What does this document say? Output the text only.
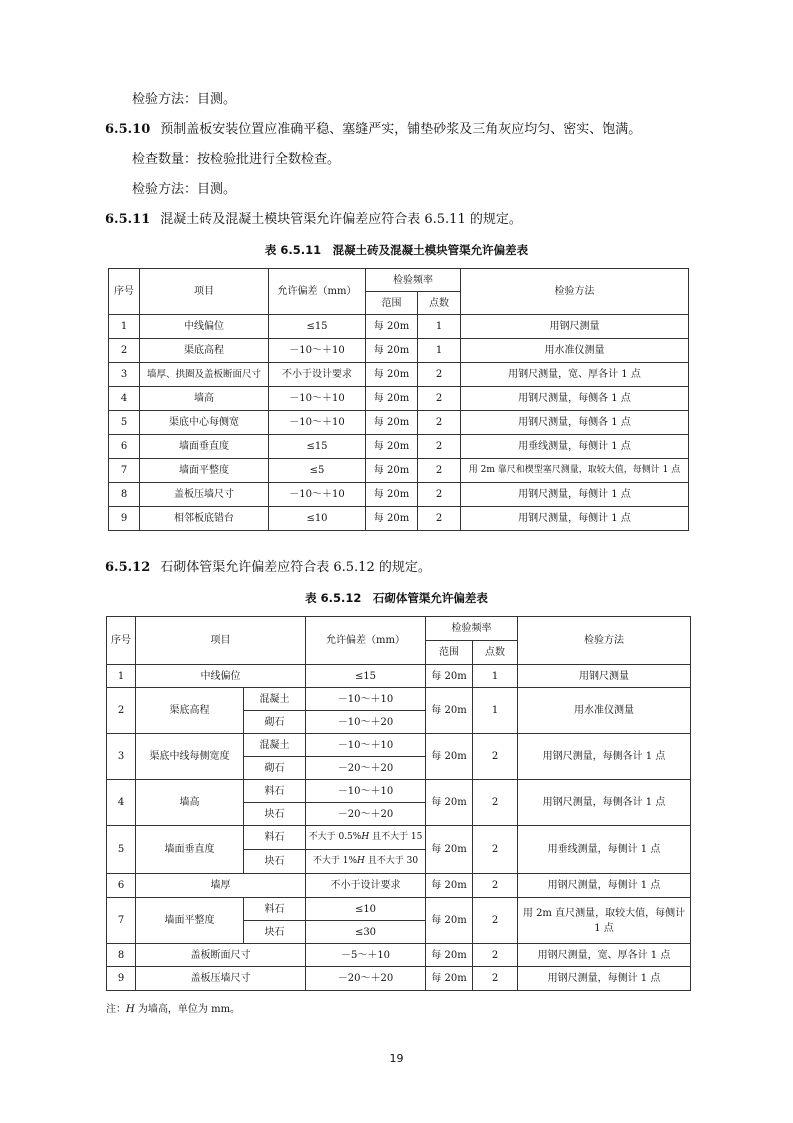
检验方法：目测。
6.5.10 预制盖板安装位置应准确平稳、塞缝严实，铺垫砂浆及三角灰应均匀、密实、饱满。
检查数量：按检验批进行全数检查。
检验方法：目测。
6.5.11 混凝土砖及混凝土模块管渠允许偏差应符合表 6.5.11 的规定。
表 6.5.11　混凝土砖及混凝土模块管渠允许偏差表
序号	项目	允许偏差（mm）	检验频率		检验方法
			范围	点数	
1	中线偏位	≤15	每 20m	1	用钢尺测量
2	渠底高程	－10～＋10	每 20m	1	用水准仪测量
3	墙厚、拱圈及盖板断面尺寸	不小于设计要求	每 20m	2	用钢尺测量，宽、厚各计 1 点
4	墙高	－10～＋10	每 20m	2	用钢尺测量，每侧各 1 点
5	渠底中心每侧宽	－10～＋10	每 20m	2	用钢尺测量，每侧各 1 点
6	墙面垂直度	≤15	每 20m	2	用垂线测量，每侧计 1 点
7	墙面平整度	≤5	每 20m	2	用 2m 靠尺和楔型塞尺测量，取较大值，每侧计 1 点
8	盖板压墙尺寸	－10～＋10	每 20m	2	用钢尺测量，每侧计 1 点
9	相邻板底错台	≤10	每 20m	2	用钢尺测量，每侧计 1 点
6.5.12 石砌体管渠允许偏差应符合表 6.5.12 的规定。
表 6.5.12　石砌体管渠允许偏差表
序号	项目		允许偏差（mm）	检验频率		检验方法
				范围	点数	
1	中线偏位		≤15	每 20m	1	用钢尺测量
2	渠底高程	混凝土	－10～＋10	每 20m	1	用水准仪测量
		砌石	－10～＋20			
3	渠底中线每侧宽度	混凝土	－10～＋10	每 20m	2	用钢尺测量，每侧各计 1 点
		砌石	－20～＋20			
4	墙高	料石	－10～＋10	每 20m	2	用钢尺测量，每侧各计 1 点
		块石	－20～＋20			
5	墙面垂直度	料石	不大于 0.5%H 且不大于 15	每 20m	2	用垂线测量，每侧计 1 点
		块石	不大于 1%H 且不大于 30			
6	墙厚		不小于设计要求	每 20m	2	用钢尺测量，每侧计 1 点
7	墙面平整度	料石	≤10	每 20m	2	用 2m 直尺测量，取较大值，每侧计 1 点
		块石	≤30			
8	盖板断面尺寸		－5～＋10	每 20m	2	用钢尺测量，宽、厚各计 1 点
9	盖板压墙尺寸		－20～＋20	每 20m	2	用钢尺测量，每侧计 1 点
注：H 为墙高，单位为 mm。
19
